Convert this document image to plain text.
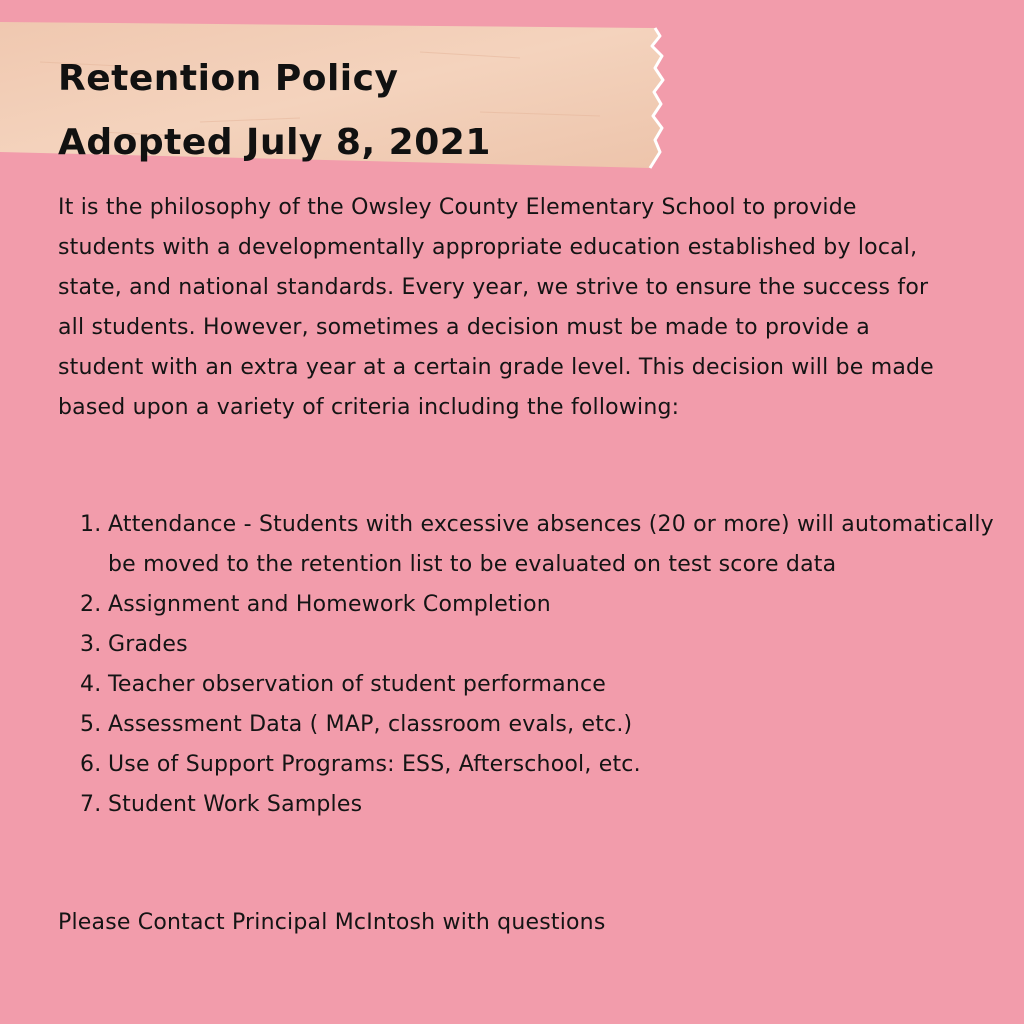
Retention Policy
Adopted July 8, 2021

It is the philosophy of the Owsley County Elementary School to provide students with a developmentally appropriate education established by local, state, and national standards. Every year, we strive to ensure the success for all students. However, sometimes a decision must be made to provide a student with an extra year at a certain grade level. This decision will be made based upon a variety of criteria including the following:

1. Attendance - Students with excessive absences (20 or more) will automatically be moved to the retention list to be evaluated on test score data
2. Assignment and Homework Completion
3. Grades
4. Teacher observation of student performance
5. Assessment Data ( MAP, classroom evals, etc.)
6. Use of Support Programs: ESS, Afterschool, etc.
7. Student Work Samples

Please Contact Principal McIntosh with questions
